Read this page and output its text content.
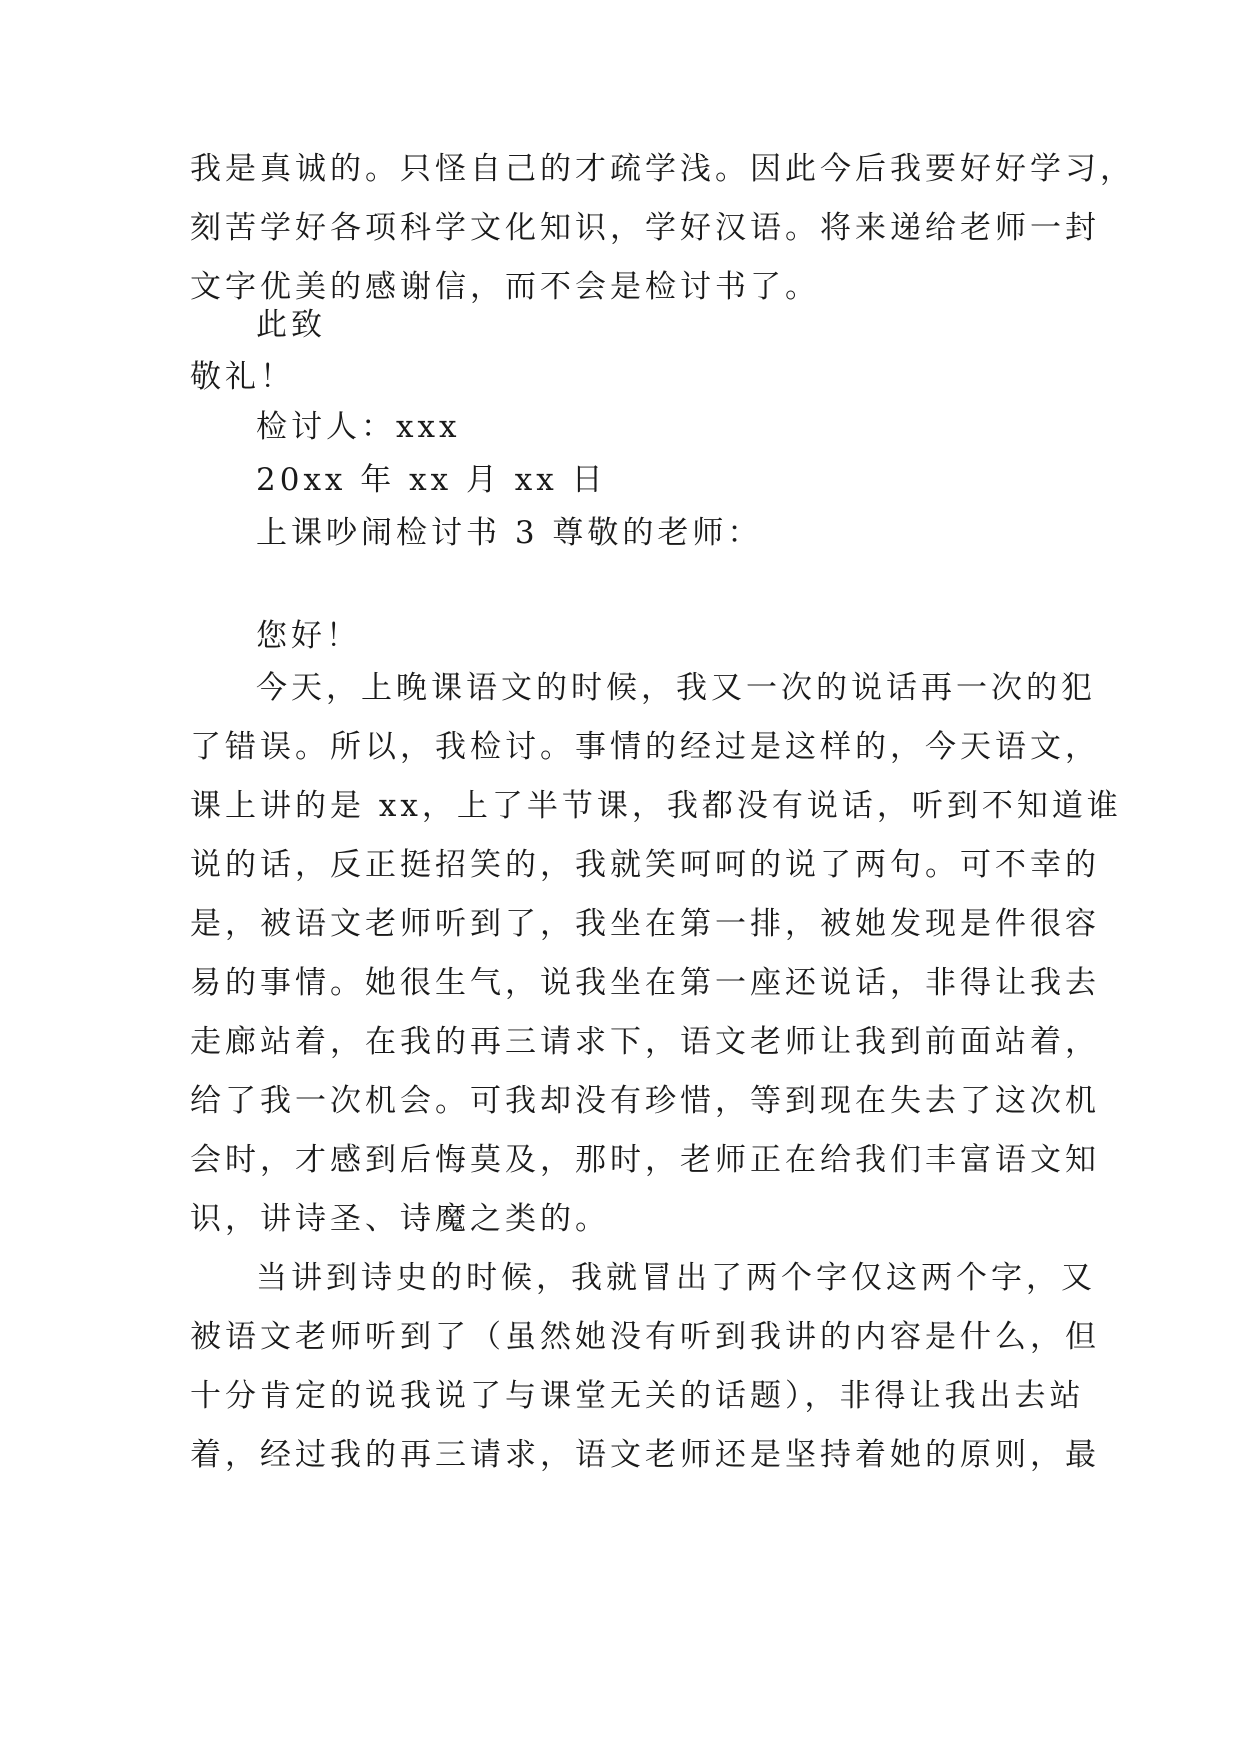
我是真诚的。只怪自己的才疏学浅。因此今后我要好好学习，
刻苦学好各项科学文化知识，学好汉语。将来递给老师一封
文字优美的感谢信，而不会是检讨书了。
此致
敬礼！
检讨人：xxx
20xx 年 xx 月 xx 日
上课吵闹检讨书 3 尊敬的老师：
您好！
今天，上晚课语文的时候，我又一次的说话再一次的犯
了错误。所以，我检讨。事情的经过是这样的，今天语文，
课上讲的是 xx，上了半节课，我都没有说话，听到不知道谁
说的话，反正挺招笑的，我就笑呵呵的说了两句。可不幸的
是，被语文老师听到了，我坐在第一排，被她发现是件很容
易的事情。她很生气，说我坐在第一座还说话，非得让我去
走廊站着，在我的再三请求下，语文老师让我到前面站着，
给了我一次机会。可我却没有珍惜，等到现在失去了这次机
会时，才感到后悔莫及，那时，老师正在给我们丰富语文知
识，讲诗圣、诗魔之类的。
当讲到诗史的时候，我就冒出了两个字仅这两个字，又
被语文老师听到了（虽然她没有听到我讲的内容是什么，但
十分肯定的说我说了与课堂无关的话题），非得让我出去站
着，经过我的再三请求，语文老师还是坚持着她的原则，最
